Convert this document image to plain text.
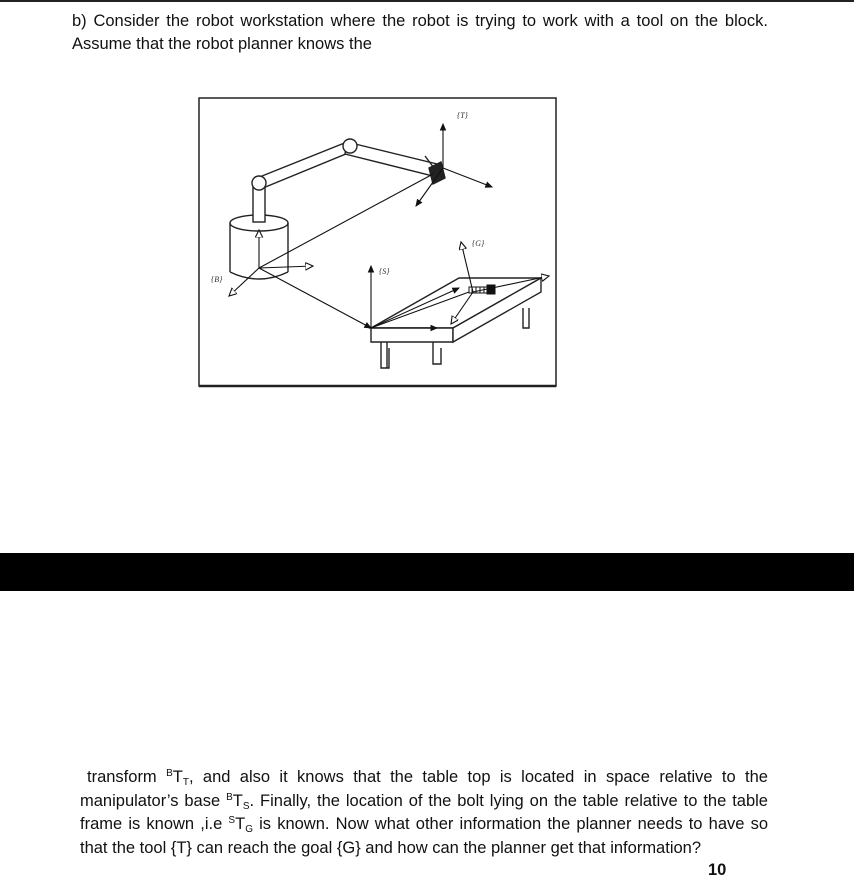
b) Consider the robot workstation where the robot is trying to work with a tool on the block. Assume that the robot planner knows the

{T}
{B}
{S}
{G}

transform $^BT_T$, and also it knows that the table top is located in space relative to the manipulator’s base $^BT_S$. Finally, the location of the bolt lying on the table relative to the table frame is known ,i.e $^ST_G$ is known. Now what other information the planner needs to have so that the tool {T} can reach the goal {G} and how can the planner get that information?

10
